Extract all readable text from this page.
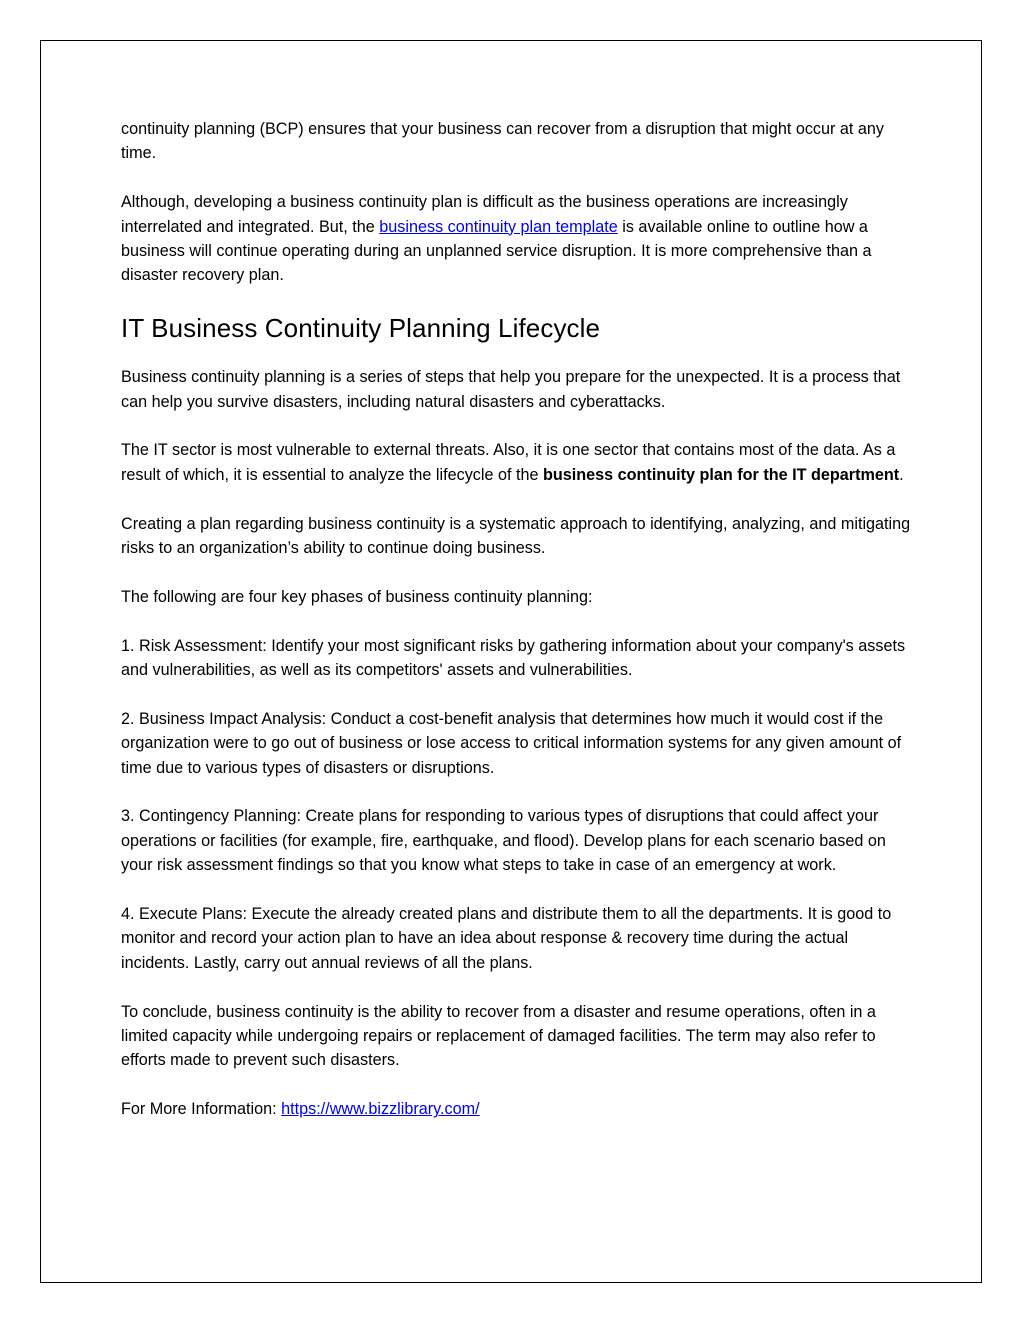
continuity planning (BCP) ensures that your business can recover from a disruption that might occur at any time.

Although, developing a business continuity plan is difficult as the business operations are increasingly interrelated and integrated. But, the business continuity plan template is available online to outline how a business will continue operating during an unplanned service disruption. It is more comprehensive than a disaster recovery plan.

IT Business Continuity Planning Lifecycle

Business continuity planning is a series of steps that help you prepare for the unexpected. It is a process that can help you survive disasters, including natural disasters and cyberattacks.

The IT sector is most vulnerable to external threats. Also, it is one sector that contains most of the data. As a result of which, it is essential to analyze the lifecycle of the business continuity plan for the IT department.

Creating a plan regarding business continuity is a systematic approach to identifying, analyzing, and mitigating risks to an organization’s ability to continue doing business.

The following are four key phases of business continuity planning:

1. Risk Assessment: Identify your most significant risks by gathering information about your company's assets and vulnerabilities, as well as its competitors' assets and vulnerabilities.

2. Business Impact Analysis: Conduct a cost-benefit analysis that determines how much it would cost if the organization were to go out of business or lose access to critical information systems for any given amount of time due to various types of disasters or disruptions.

3. Contingency Planning: Create plans for responding to various types of disruptions that could affect your operations or facilities (for example, fire, earthquake, and flood). Develop plans for each scenario based on your risk assessment findings so that you know what steps to take in case of an emergency at work.

4. Execute Plans: Execute the already created plans and distribute them to all the departments. It is good to monitor and record your action plan to have an idea about response & recovery time during the actual incidents. Lastly, carry out annual reviews of all the plans.

To conclude, business continuity is the ability to recover from a disaster and resume operations, often in a limited capacity while undergoing repairs or replacement of damaged facilities. The term may also refer to efforts made to prevent such disasters.

For More Information: https://www.bizzlibrary.com/
